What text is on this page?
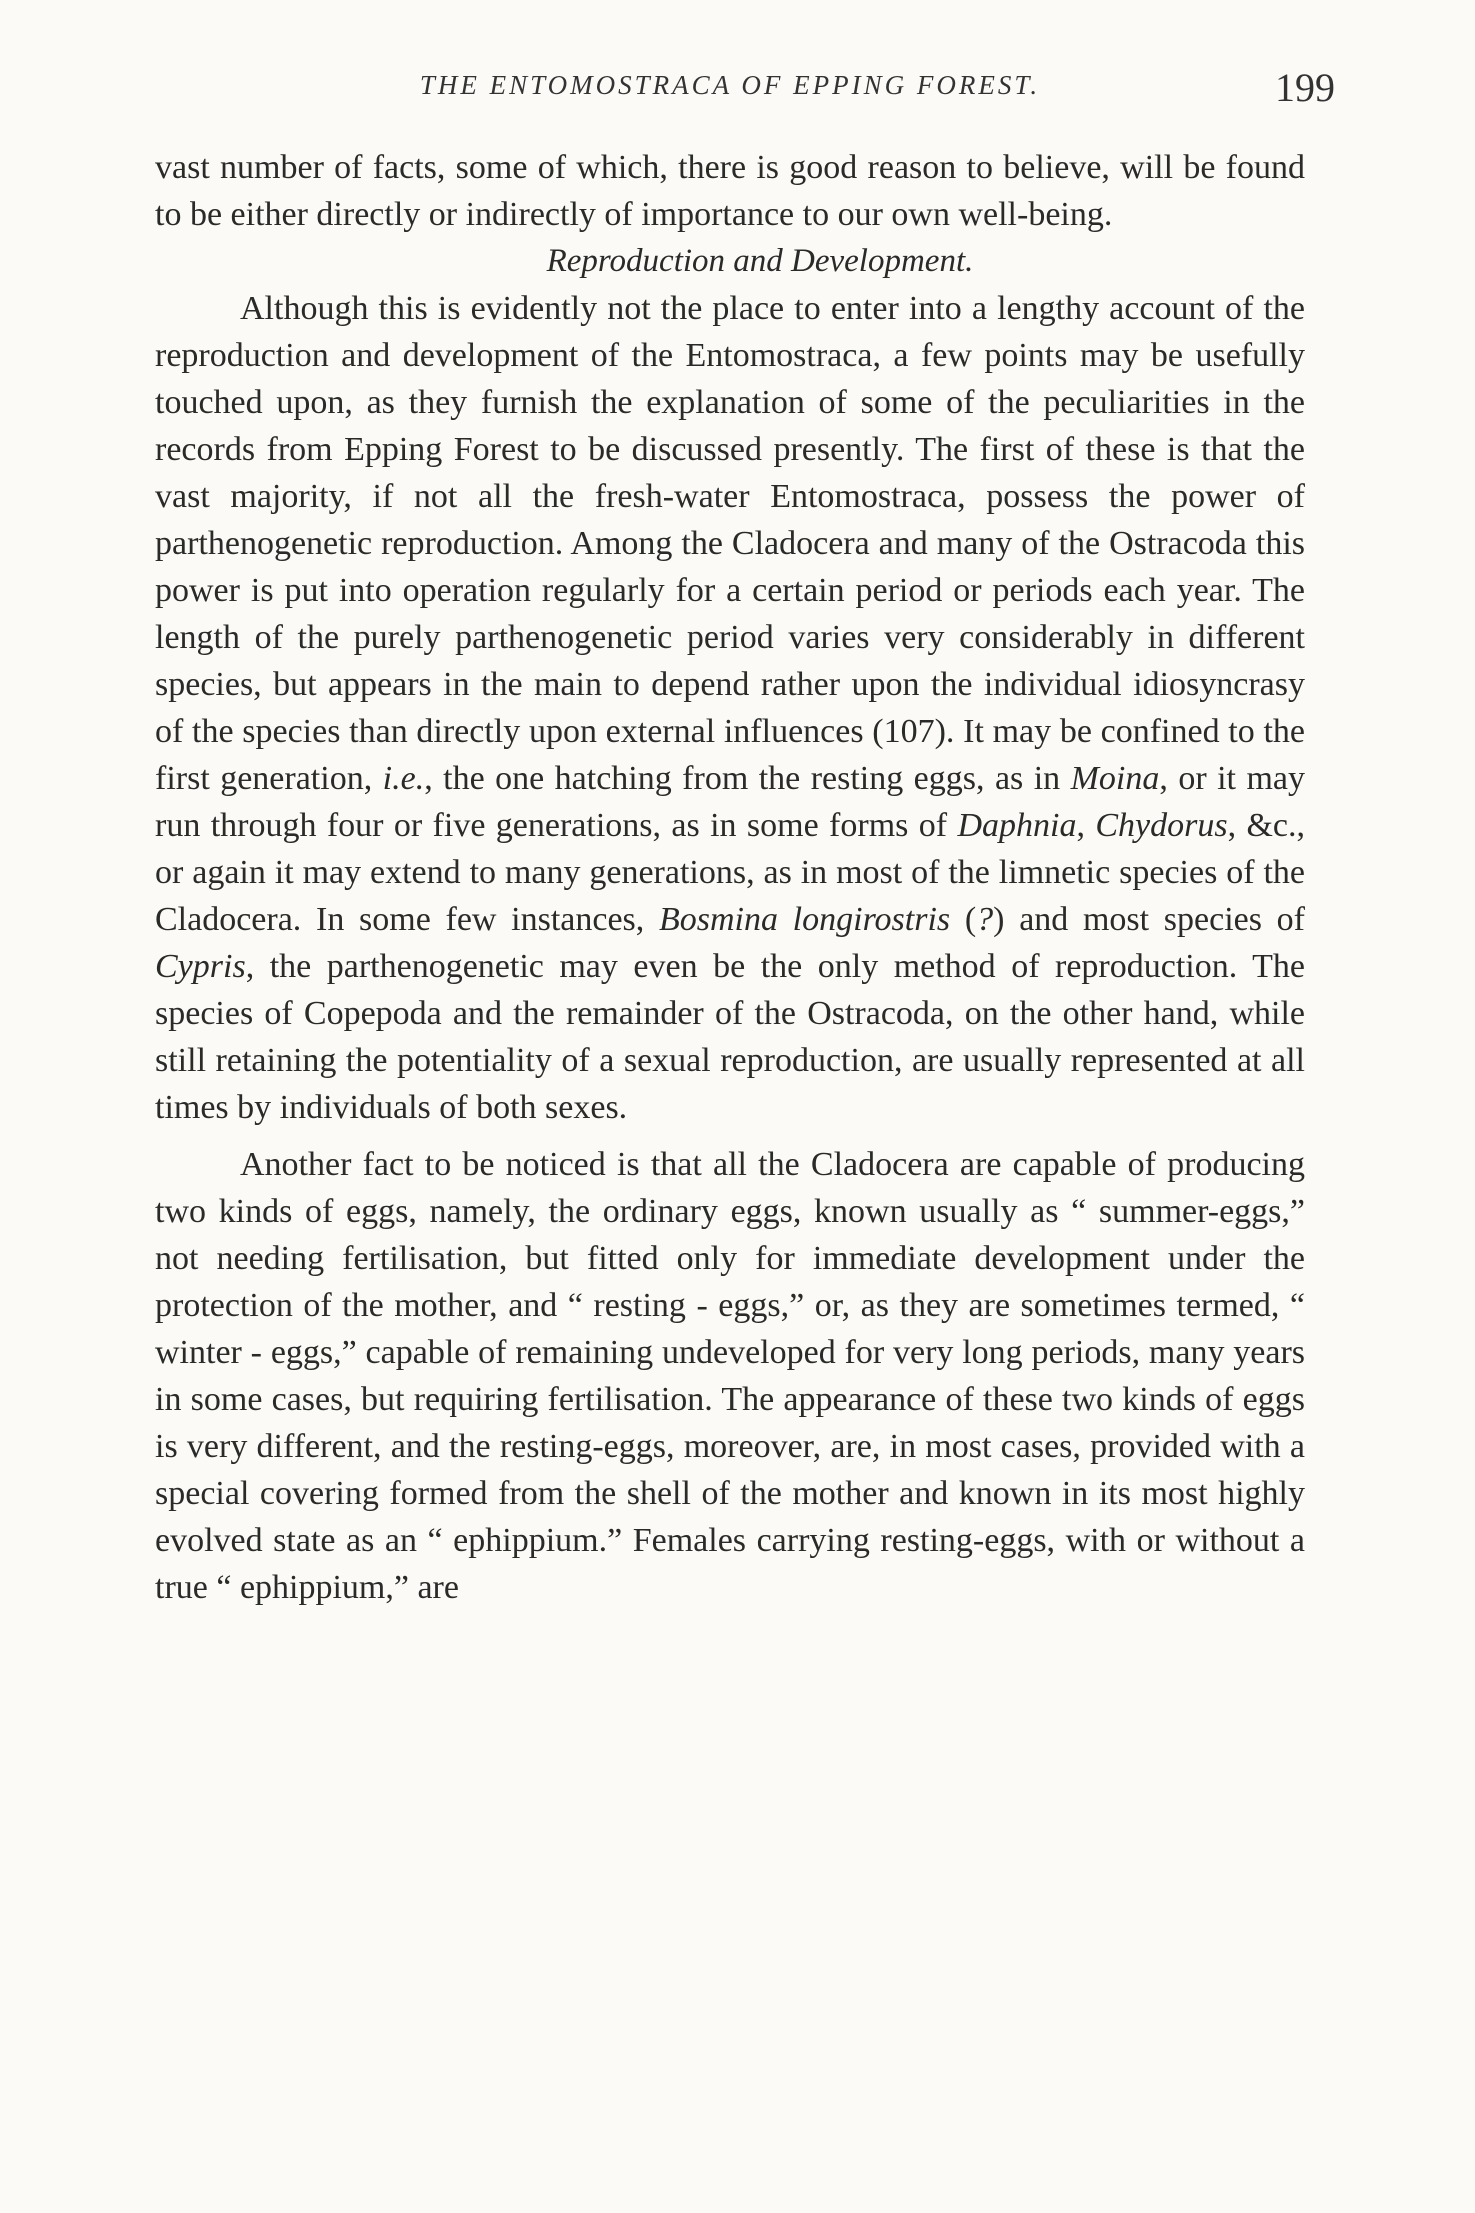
THE ENTOMOSTRACA OF EPPING FOREST.	199

vast number of facts, some of which, there is good reason to believe, will be found to be either directly or indirectly of importance to our own well-being.

Reproduction and Development.

Although this is evidently not the place to enter into a lengthy account of the reproduction and development of the Entomostraca, a few points may be usefully touched upon, as they furnish the explanation of some of the peculiarities in the records from Epping Forest to be discussed presently. The first of these is that the vast majority, if not all the fresh-water Entomostraca, possess the power of parthenogenetic reproduction. Among the Cladocera and many of the Ostracoda this power is put into operation regularly for a certain period or periods each year. The length of the purely parthenogenetic period varies very considerably in different species, but appears in the main to depend rather upon the individual idiosyncrasy of the species than directly upon external influences (107). It may be confined to the first generation, i.e., the one hatching from the resting eggs, as in Moina, or it may run through four or five generations, as in some forms of Daphnia, Chydorus, &c., or again it may extend to many generations, as in most of the limnetic species of the Cladocera. In some few instances, Bosmina longirostris (?) and most species of Cypris, the parthenogenetic may even be the only method of reproduction. The species of Copepoda and the remainder of the Ostracoda, on the other hand, while still retaining the potentiality of a sexual reproduction, are usually represented at all times by individuals of both sexes.

Another fact to be noticed is that all the Cladocera are capable of producing two kinds of eggs, namely, the ordinary eggs, known usually as “ summer-eggs,” not needing fertilisation, but fitted only for immediate development under the protection of the mother, and “ resting - eggs,” or, as they are sometimes termed, “ winter - eggs,” capable of remaining undeveloped for very long periods, many years in some cases, but requiring fertilisation. The appearance of these two kinds of eggs is very different, and the resting-eggs, moreover, are, in most cases, provided with a special covering formed from the shell of the mother and known in its most highly evolved state as an “ ephippium.” Females carrying resting-eggs, with or without a true “ ephippium,” are
